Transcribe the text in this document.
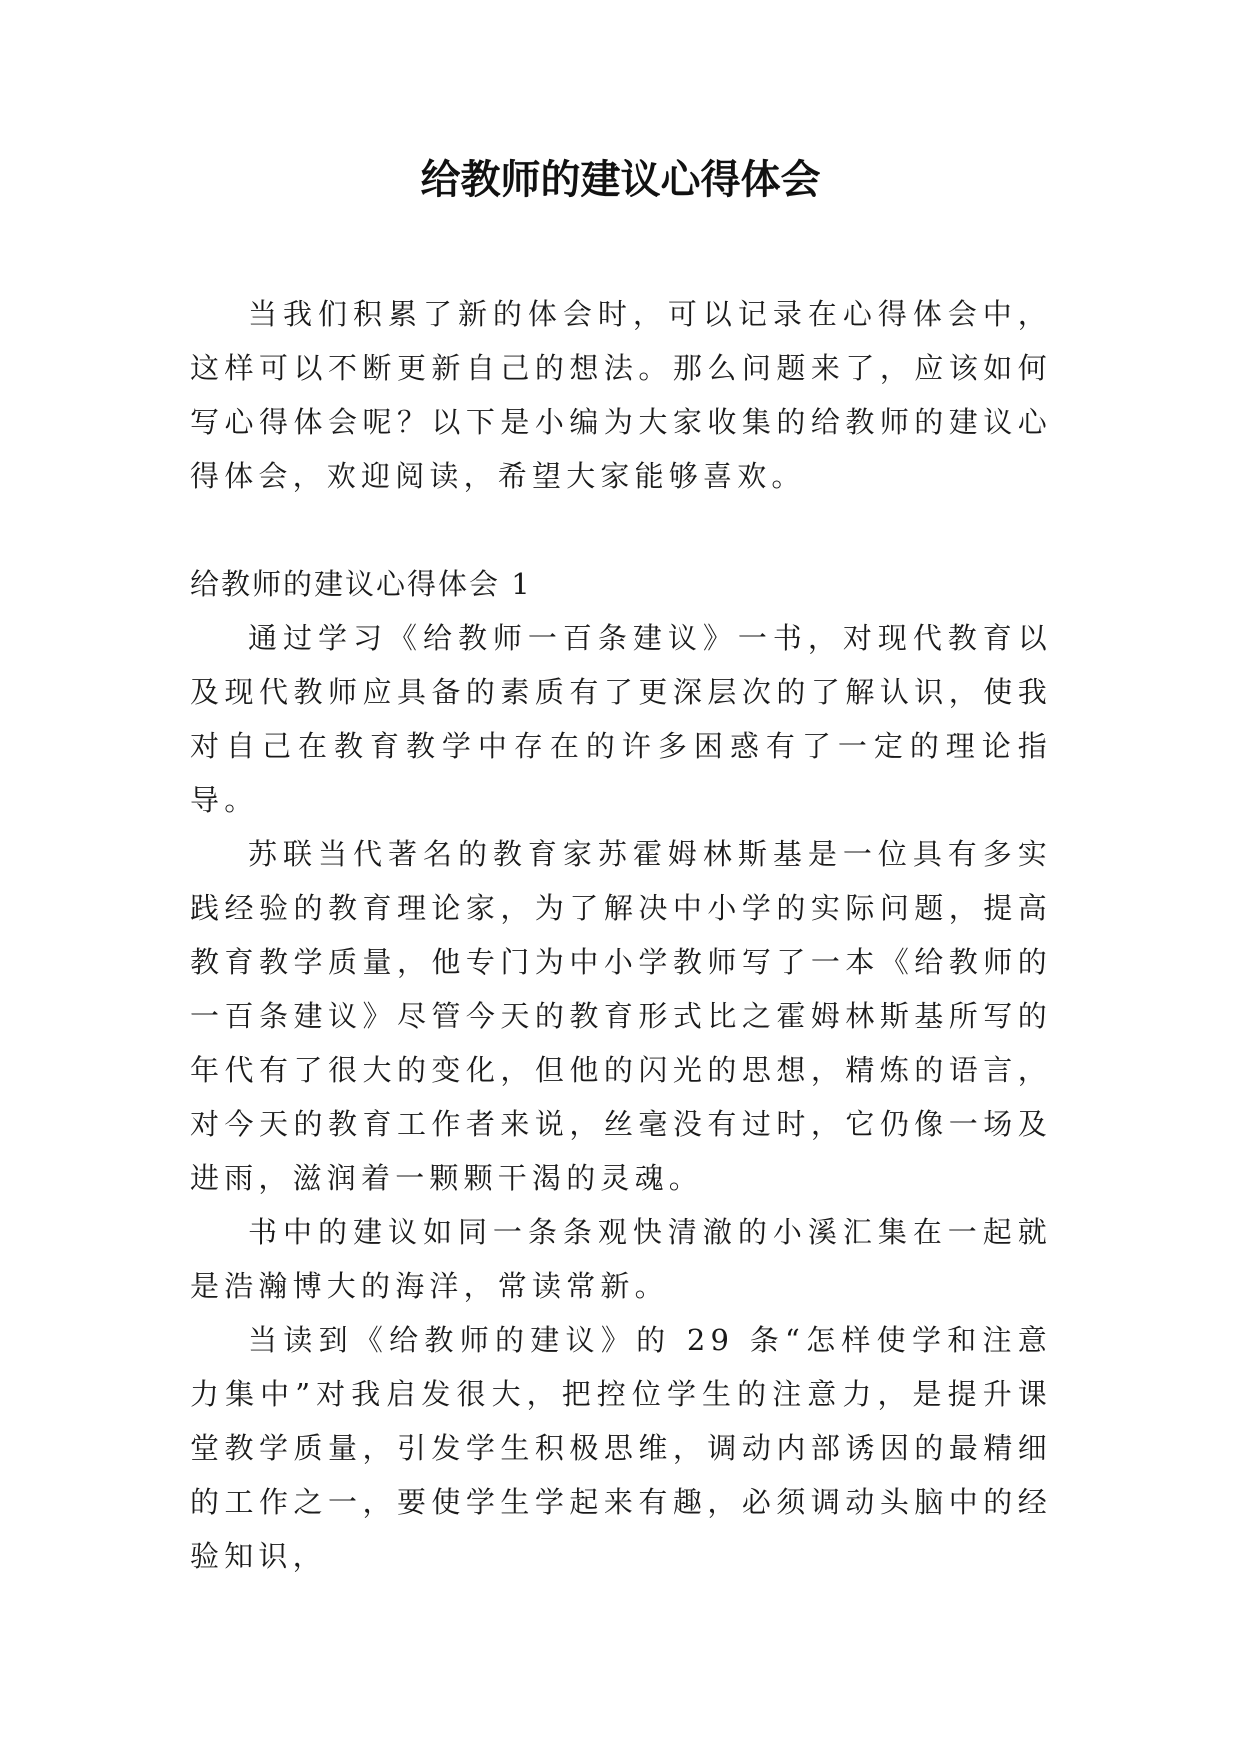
给教师的建议心得体会

当我们积累了新的体会时，可以记录在心得体会中，这样可以不断更新自己的想法。那么问题来了，应该如何写心得体会呢？以下是小编为大家收集的给教师的建议心得体会，欢迎阅读，希望大家能够喜欢。

给教师的建议心得体会 1

通过学习《给教师一百条建议》一书，对现代教育以及现代教师应具备的素质有了更深层次的了解认识，使我对自己在教育教学中存在的许多困惑有了一定的理论指导。

苏联当代著名的教育家苏霍姆林斯基是一位具有多实践经验的教育理论家，为了解决中小学的实际问题，提高教育教学质量，他专门为中小学教师写了一本《给教师的一百条建议》尽管今天的教育形式比之霍姆林斯基所写的年代有了很大的变化，但他的闪光的思想，精炼的语言，对今天的教育工作者来说，丝毫没有过时，它仍像一场及进雨，滋润着一颗颗干渴的灵魂。

书中的建议如同一条条观快清澈的小溪汇集在一起就是浩瀚博大的海洋，常读常新。

当读到《给教师的建议》的 29 条“怎样使学和注意力集中”对我启发很大，把控位学生的注意力，是提升课堂教学质量，引发学生积极思维，调动内部诱因的最精细的工作之一，要使学生学起来有趣，必须调动头脑中的经验知识，
